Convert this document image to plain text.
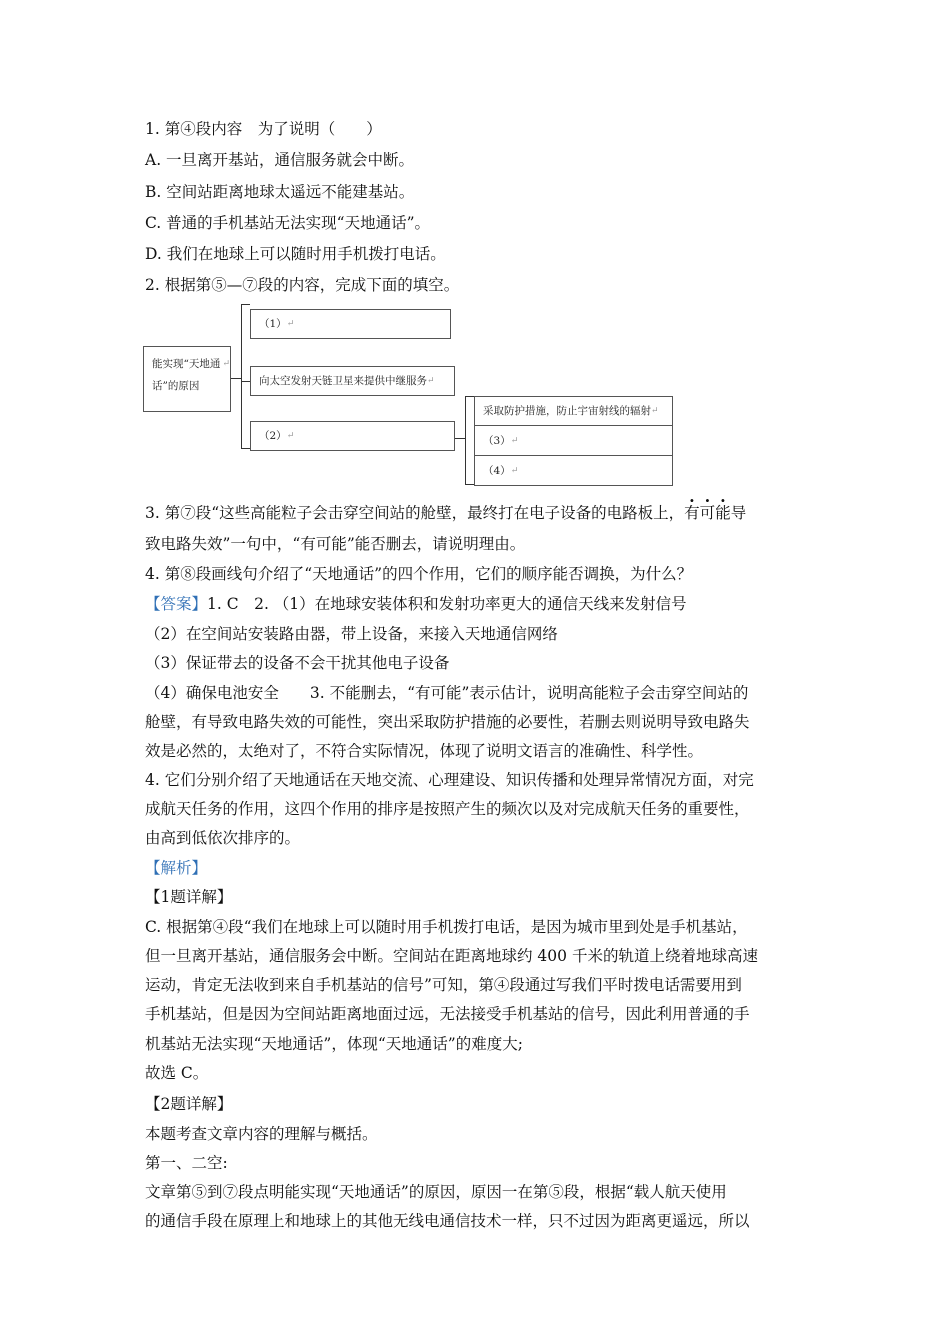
1. 第④段内容　为了说明（　　）
A. 一旦离开基站，通信服务就会中断。
B. 空间站距离地球太遥远不能建基站。
C. 普通的手机基站无法实现“天地通话”。
D. 我们在地球上可以随时用手机拨打电话。
2. 根据第⑤—⑦段的内容，完成下面的填空。
能实现“天地通话”的原因
↵
（1） ↵
向太空发射天链卫星来提供中继服务 ↵
（2） ↵
采取防护措施，防止宇宙射线的辐射 ↵
（3） ↵
（4） ↵
3. 第⑦段“这些高能粒子会击穿空间站的舱壁，最终打在电子设备的电路板上，有可能导
致电路失效”一句中，“有可能”能否删去，请说明理由。
4. 第⑧段画线句介绍了“天地通话”的四个作用，它们的顺序能否调换，为什么？
【答案】1. C　2. （1）在地球安装体积和发射功率更大的通信天线来发射信号
（2）在空间站安装路由器，带上设备，来接入天地通信网络
（3）保证带去的设备不会干扰其他电子设备
（4）确保电池安全　　3. 不能删去，“有可能”表示估计，说明高能粒子会击穿空间站的
舱壁，有导致电路失效的可能性，突出采取防护措施的必要性，若删去则说明导致电路失
效是必然的，太绝对了，不符合实际情况，体现了说明文语言的准确性、科学性。
4. 它们分别介绍了天地通话在天地交流、心理建设、知识传播和处理异常情况方面，对完
成航天任务的作用，这四个作用的排序是按照产生的频次以及对完成航天任务的重要性，
由高到低依次排序的。
【解析】
【1题详解】
C. 根据第④段“我们在地球上可以随时用手机拨打电话，是因为城市里到处是手机基站，
但一旦离开基站，通信服务会中断。空间站在距离地球约 400 千米的轨道上绕着地球高速
运动，肯定无法收到来自手机基站的信号”可知，第④段通过写我们平时拨电话需要用到
手机基站，但是因为空间站距离地面过远，无法接受手机基站的信号，因此利用普通的手
机基站无法实现“天地通话”，体现“天地通话”的难度大;
故选 C。
【2题详解】
本题考查文章内容的理解与概括。
第一、二空:
文章第⑤到⑦段点明能实现“天地通话”的原因，原因一在第⑤段，根据“载人航天使用
的通信手段在原理上和地球上的其他无线电通信技术一样，只不过因为距离更遥远，所以
